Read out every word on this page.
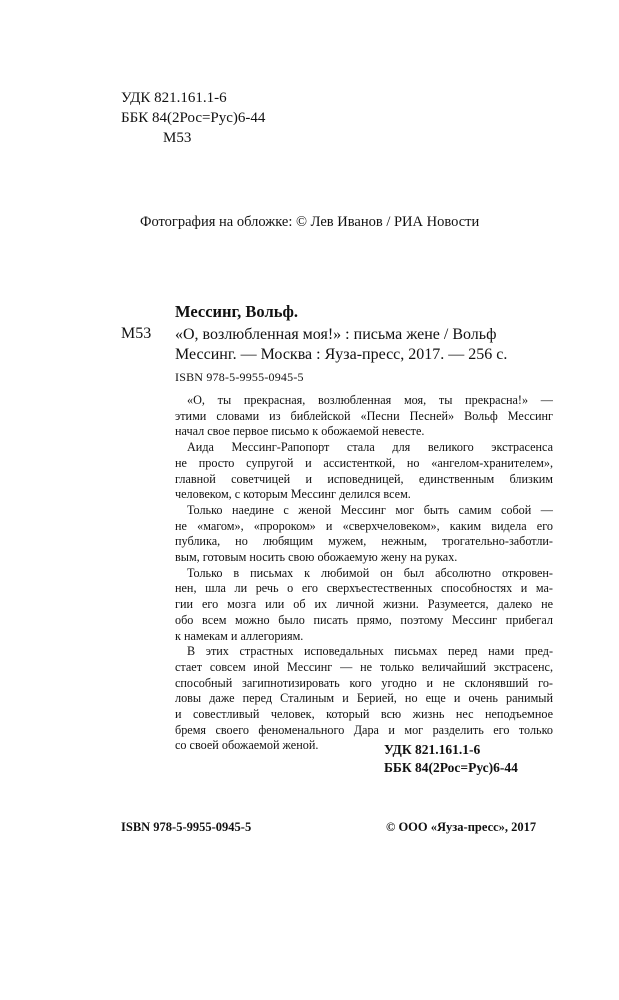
УДК 821.161.1-6
ББК 84(2Рос=Рус)6-44
М53
Фотография на обложке: © Лев Иванов / РИА Новости
Мессинг, Вольф.
М53 «О, возлюбленная моя!» : письма жене / Вольф
Мессинг. — Москва : Яуза-пресс, 2017. — 256 с.
ISBN 978-5-9955-0945-5
«О, ты прекрасная, возлюбленная моя, ты прекрасна!» —
этими словами из библейской «Песни Песней» Вольф Мессинг
начал свое первое письмо к обожаемой невесте.
Аида Мессинг-Рапопорт стала для великого экстрасенса
не просто супругой и ассистенткой, но «ангелом-хранителем»,
главной советчицей и исповедницей, единственным близким
человеком, с которым Мессинг делился всем.
Только наедине с женой Мессинг мог быть самим собой —
не «магом», «пророком» и «сверхчеловеком», каким видела его
публика, но любящим мужем, нежным, трогательно-заботли-
вым, готовым носить свою обожаемую жену на руках.
Только в письмах к любимой он был абсолютно откровен-
нен, шла ли речь о его сверхъестественных способностях и ма-
гии его мозга или об их личной жизни. Разумеется, далеко не
обо всем можно было писать прямо, поэтому Мессинг прибегал
к намекам и аллегориям.
В этих страстных исповедальных письмах перед нами пред-
стает совсем иной Мессинг — не только величайший экстрасенс,
способный загипнотизировать кого угодно и не склонявший го-
ловы даже перед Сталиным и Берией, но еще и очень ранимый
и совестливый человек, который всю жизнь нес неподъемное
бремя своего феноменального Дара и мог разделить его только
со своей обожаемой женой.	УДК 821.161.1-6
ББК 84(2Рос=Рус)6-44
ISBN 978-5-9955-0945-5	© ООО «Яуза-пресс», 2017
